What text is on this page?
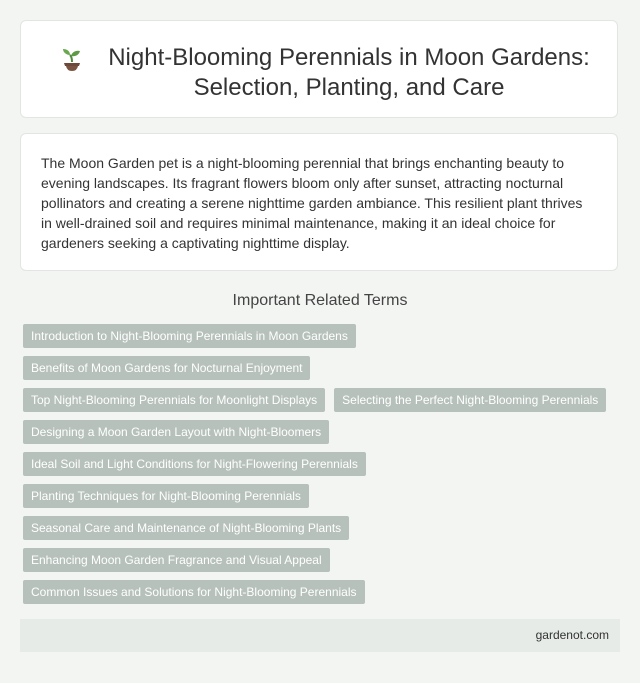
Night-Blooming Perennials in Moon Gardens:
Selection, Planting, and Care

The Moon Garden pet is a night-blooming perennial that brings enchanting beauty to evening landscapes. Its fragrant flowers bloom only after sunset, attracting nocturnal pollinators and creating a serene nighttime garden ambiance. This resilient plant thrives in well-drained soil and requires minimal maintenance, making it an ideal choice for gardeners seeking a captivating nighttime display.

Important Related Terms
Introduction to Night-Blooming Perennials in Moon Gardens
Benefits of Moon Gardens for Nocturnal Enjoyment
Top Night-Blooming Perennials for Moonlight Displays	Selecting the Perfect Night-Blooming Perennials
Designing a Moon Garden Layout with Night-Bloomers
Ideal Soil and Light Conditions for Night-Flowering Perennials
Planting Techniques for Night-Blooming Perennials
Seasonal Care and Maintenance of Night-Blooming Plants
Enhancing Moon Garden Fragrance and Visual Appeal
Common Issues and Solutions for Night-Blooming Perennials
gardenot.com
